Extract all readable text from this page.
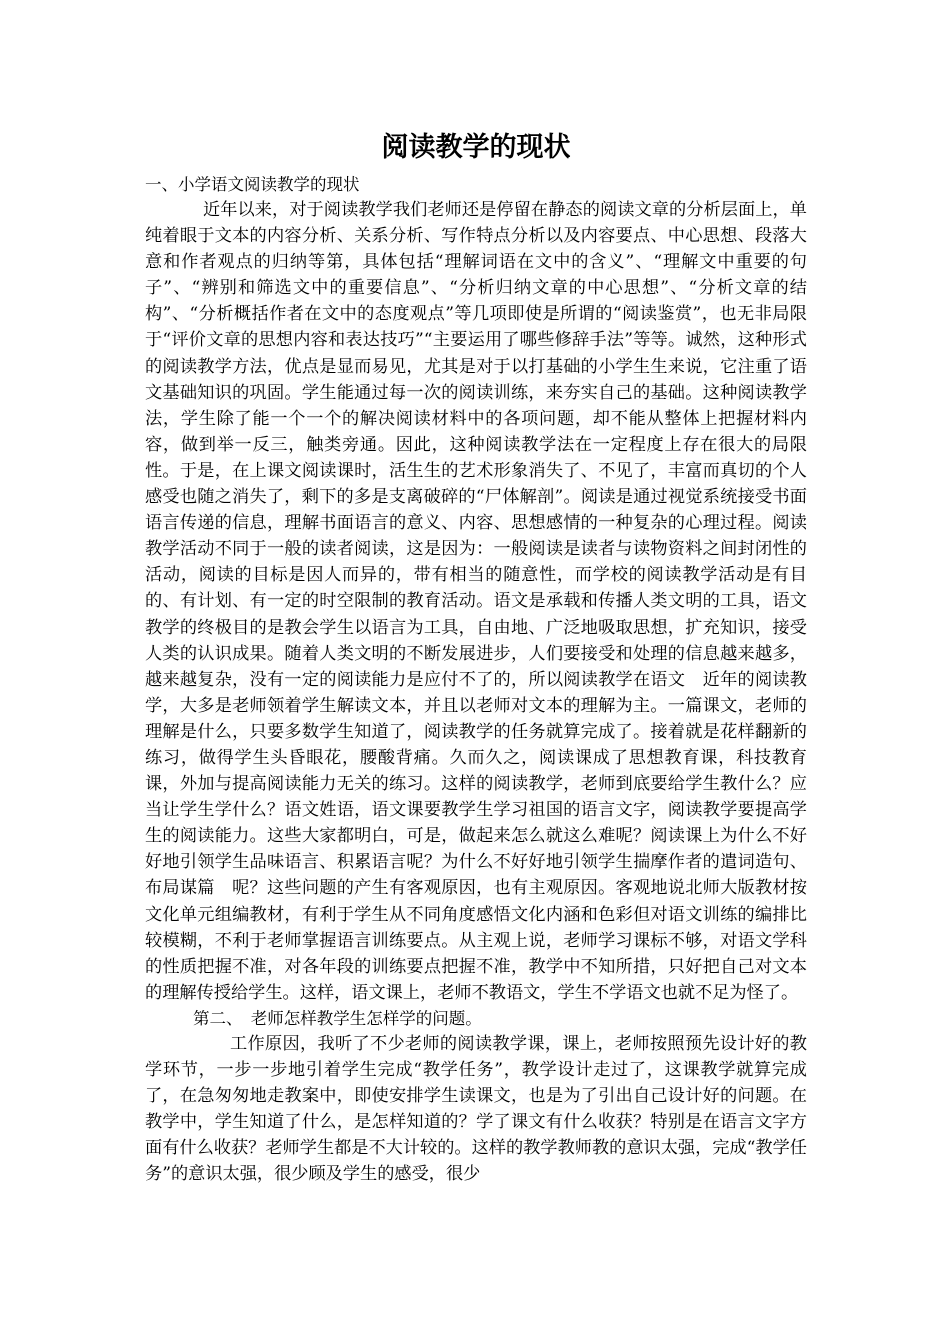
阅读教学的现状

一、小学语文阅读教学的现状

近年以来，对于阅读教学我们老师还是停留在静态的阅读文章的分析层面上，单纯着眼于文本的内容分析、关系分析、写作特点分析以及内容要点、中心思想、段落大意和作者观点的归纳等第，具体包括“理解词语在文中的含义”、“理解文中重要的句子”、“辨别和筛选文中的重要信息”、“分析归纳文章的中心思想”、“分析文章的结构”、“分析概括作者在文中的态度观点”等几项即使是所谓的“阅读鉴赏”，也无非局限于“评价文章的思想内容和表达技巧”“主要运用了哪些修辞手法”等等。诚然，这种形式的阅读教学方法，优点是显而易见，尤其是对于以打基础的小学生生来说，它注重了语文基础知识的巩固。学生能通过每一次的阅读训练，来夯实自己的基础。这种阅读教学法，学生除了能一个一个的解决阅读材料中的各项问题，却不能从整体上把握材料内容，做到举一反三，触类旁通。因此，这种阅读教学法在一定程度上存在很大的局限性。于是，在上课文阅读课时，活生生的艺术形象消失了、不见了，丰富而真切的个人感受也随之消失了，剩下的多是支离破碎的“尸体解剖”。阅读是通过视觉系统接受书面语言传递的信息，理解书面语言的意义、内容、思想感情的一种复杂的心理过程。阅读教学活动不同于一般的读者阅读，这是因为：一般阅读是读者与读物资料之间封闭性的活动，阅读的目标是因人而异的，带有相当的随意性，而学校的阅读教学活动是有目的、有计划、有一定的时空限制的教育活动。语文是承载和传播人类文明的工具，语文教学的终极目的是教会学生以语言为工具，自由地、广泛地吸取思想，扩充知识，接受人类的认识成果。随着人类文明的不断发展进步，人们要接受和处理的信息越来越多，越来越复杂，没有一定的阅读能力是应付不了的，所以阅读教学在语文　近年的阅读教学，大多是老师领着学生解读文本，并且以老师对文本的理解为主。一篇课文，老师的理解是什么，只要多数学生知道了，阅读教学的任务就算完成了。接着就是花样翻新的练习，做得学生头昏眼花，腰酸背痛。久而久之，阅读课成了思想教育课，科技教育课，外加与提高阅读能力无关的练习。这样的阅读教学，老师到底要给学生教什么？应当让学生学什么？语文姓语，语文课要教学生学习祖国的语言文字，阅读教学要提高学生的阅读能力。这些大家都明白，可是，做起来怎么就这么难呢？阅读课上为什么不好好地引领学生品味语言、积累语言呢？为什么不好好地引领学生揣摩作者的遣词造句、布局谋篇　呢？这些问题的产生有客观原因，也有主观原因。客观地说北师大版教材按文化单元组编教材，有利于学生从不同角度感悟文化内涵和色彩但对语文训练的编排比较模糊，不利于老师掌握语言训练要点。从主观上说，老师学习课标不够，对语文学科的性质把握不准，对各年段的训练要点把握不准，教学中不知所措，只好把自己对文本的理解传授给学生。这样，语文课上，老师不教语文，学生不学语文也就不足为怪了。

第二、　老师怎样教学生怎样学的问题。

工作原因，我听了不少老师的阅读教学课，课上，老师按照预先设计好的教学环节，一步一步地引着学生完成“教学任务”，教学设计走过了，这课教学就算完成了，在急匆匆地走教案中，即使安排学生读课文，也是为了引出自己设计好的问题。在教学中，学生知道了什么，是怎样知道的？学了课文有什么收获？特别是在语言文字方面有什么收获？老师学生都是不大计较的。这样的教学教师教的意识太强，完成“教学任务”的意识太强，很少顾及学生的感受，很少
